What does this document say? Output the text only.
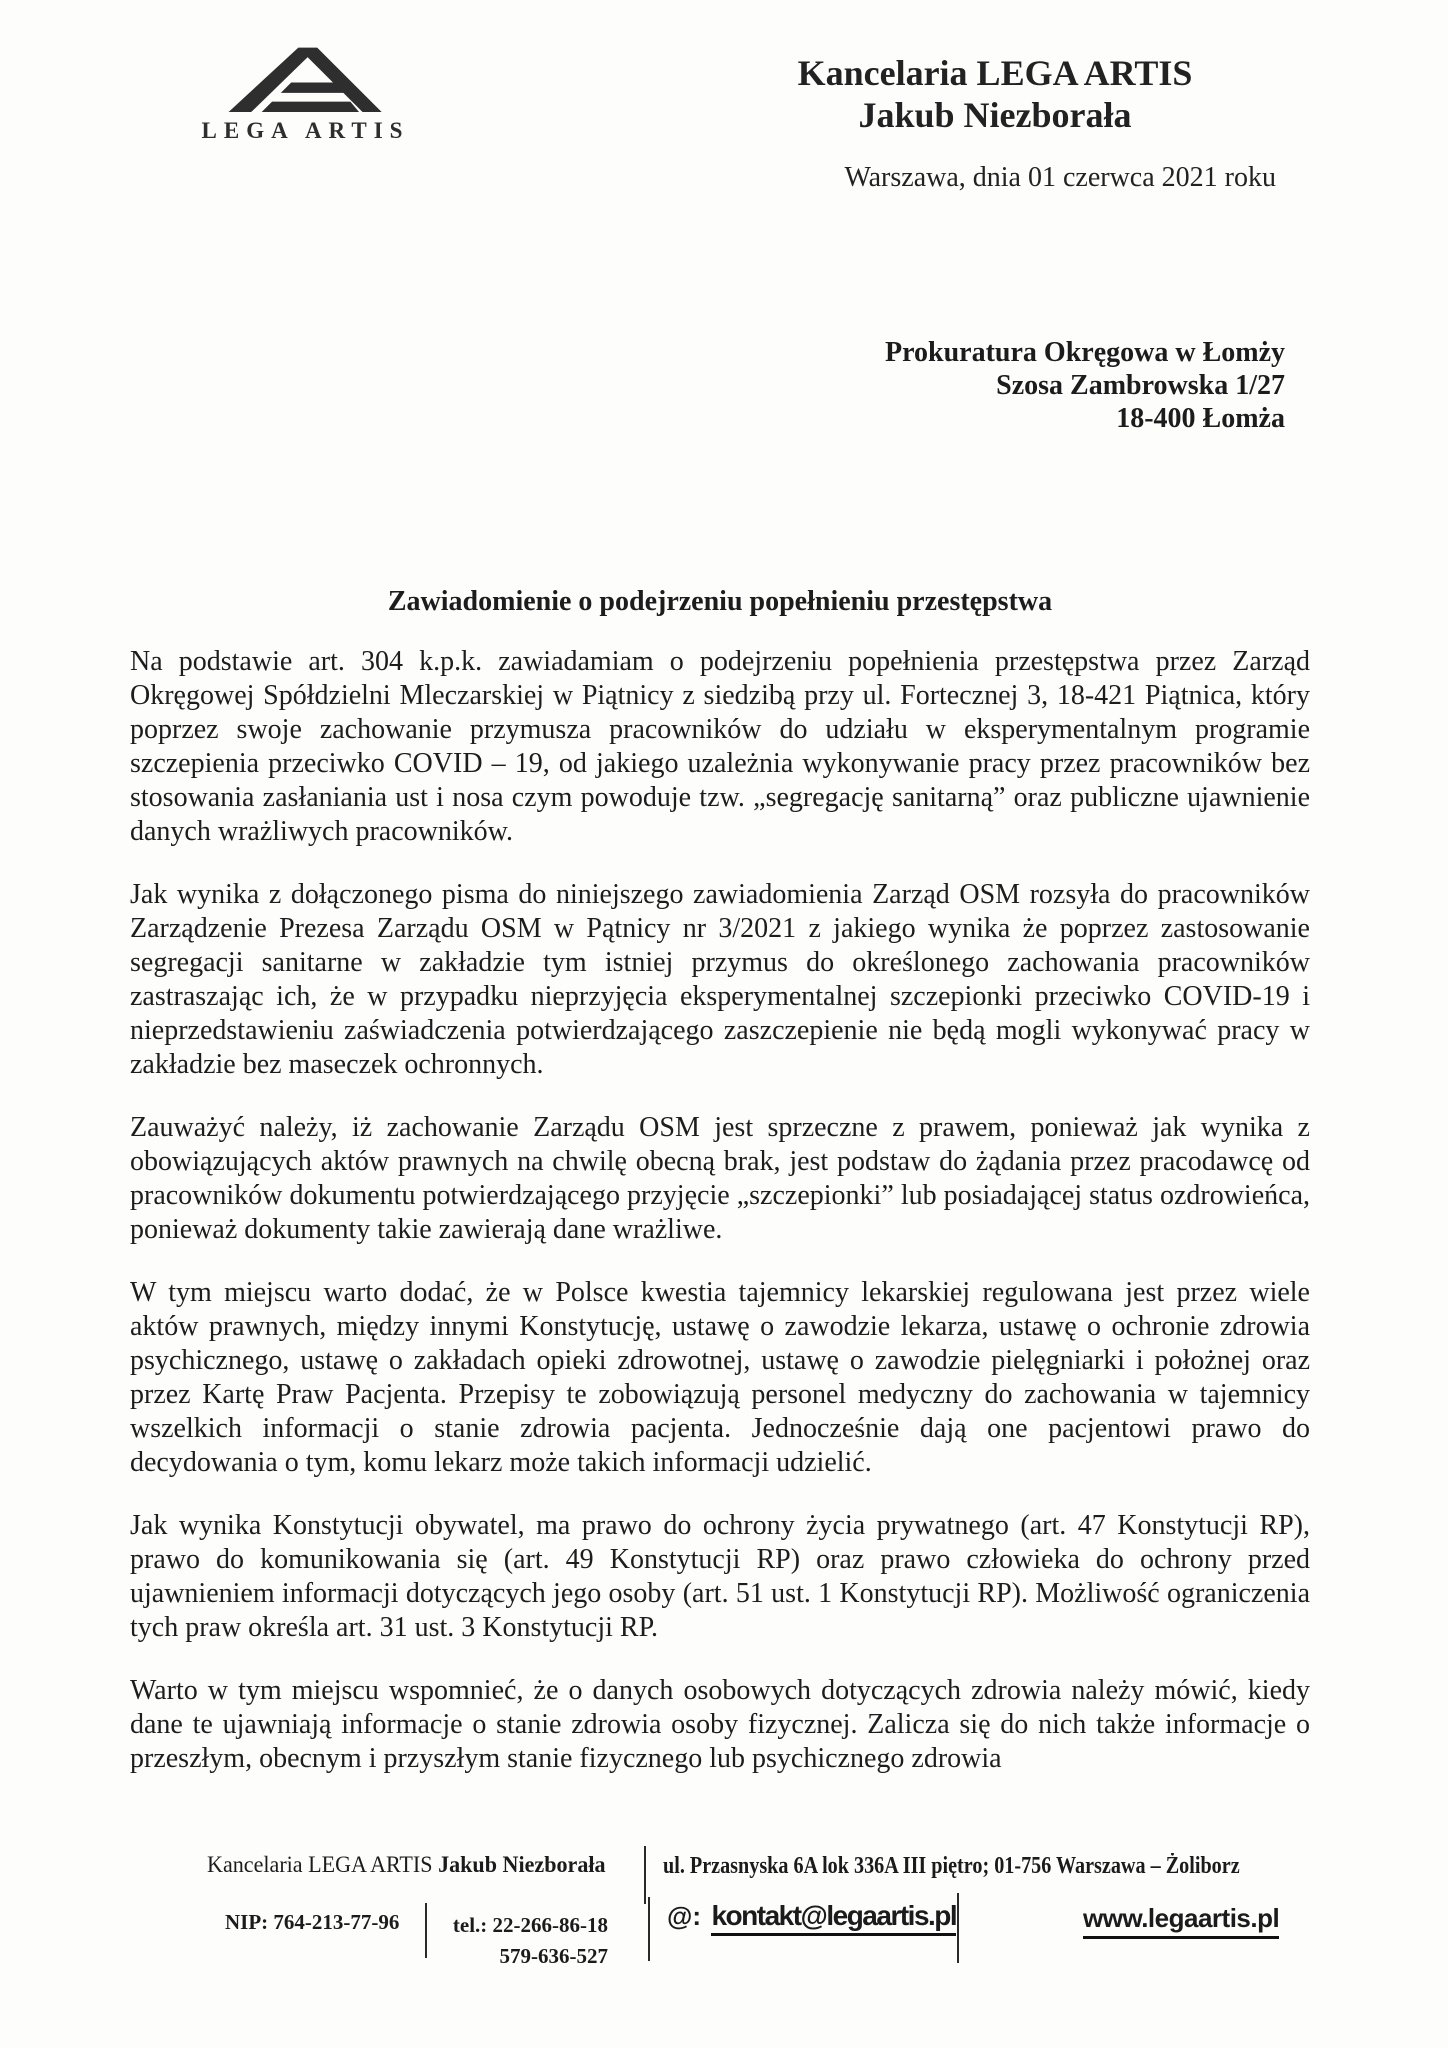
LEGA ARTIS
Kancelaria LEGA ARTIS
Jakub Niezborała
Warszawa, dnia 01 czerwca 2021 roku
Prokuratura Okręgowa w Łomży
Szosa Zambrowska 1/27
18-400 Łomża
Zawiadomienie o podejrzeniu popełnieniu przestępstwa

Na podstawie art. 304 k.p.k. zawiadamiam o podejrzeniu popełnienia przestępstwa przez Zarząd Okręgowej Spółdzielni Mleczarskiej w Piątnicy z siedzibą przy ul. Fortecznej 3, 18-421 Piątnica, który poprzez swoje zachowanie przymusza pracowników do udziału w eksperymentalnym programie szczepienia przeciwko COVID – 19, od jakiego uzależnia wykonywanie pracy przez pracowników bez stosowania zasłaniania ust i nosa czym powoduje tzw. „segregację sanitarną” oraz publiczne ujawnienie danych wrażliwych pracowników.

Jak wynika z dołączonego pisma do niniejszego zawiadomienia Zarząd OSM rozsyła do pracowników Zarządzenie Prezesa Zarządu OSM w Pątnicy nr 3/2021 z jakiego wynika że poprzez zastosowanie segregacji sanitarne w zakładzie tym istniej przymus do określonego zachowania pracowników zastraszając ich, że w przypadku nieprzyjęcia eksperymentalnej szczepionki przeciwko COVID-19 i nieprzedstawieniu zaświadczenia potwierdzającego zaszczepienie nie będą mogli wykonywać pracy w zakładzie bez maseczek ochronnych.

Zauważyć należy, iż zachowanie Zarządu OSM jest sprzeczne z prawem, ponieważ jak wynika z obowiązujących aktów prawnych na chwilę obecną brak, jest podstaw do żądania przez pracodawcę od pracowników dokumentu potwierdzającego przyjęcie „szczepionki” lub posiadającej status ozdrowieńca, ponieważ dokumenty takie zawierają dane wrażliwe.

W tym miejscu warto dodać, że w Polsce kwestia tajemnicy lekarskiej regulowana jest przez wiele aktów prawnych, między innymi Konstytucję, ustawę o zawodzie lekarza, ustawę o ochronie zdrowia psychicznego, ustawę o zakładach opieki zdrowotnej, ustawę o zawodzie pielęgniarki i położnej oraz przez Kartę Praw Pacjenta. Przepisy te zobowiązują personel medyczny do zachowania w tajemnicy wszelkich informacji o stanie zdrowia pacjenta. Jednocześnie dają one pacjentowi prawo do decydowania o tym, komu lekarz może takich informacji udzielić.

Jak wynika Konstytucji obywatel, ma prawo do ochrony życia prywatnego (art. 47 Konstytucji RP), prawo do komunikowania się (art. 49 Konstytucji RP) oraz prawo człowieka do ochrony przed ujawnieniem informacji dotyczących jego osoby (art. 51 ust. 1 Konstytucji RP). Możliwość ograniczenia tych praw określa art. 31 ust. 3 Konstytucji RP.

Warto w tym miejscu wspomnieć, że o danych osobowych dotyczących zdrowia należy mówić, kiedy dane te ujawniają informacje o stanie zdrowia osoby fizycznej. Zalicza się do nich także informacje o przeszłym, obecnym i przyszłym stanie fizycznego lub psychicznego zdrowia

Kancelaria LEGA ARTIS Jakub Niezborała ul. Przasnyska 6A lok 336A III piętro; 01-756 Warszawa – Żoliborz
NIP: 764-213-77-96	tel.: 22-266-86-18
579-636-527
@: kontakt@legaartis.pl	www.legaartis.pl
